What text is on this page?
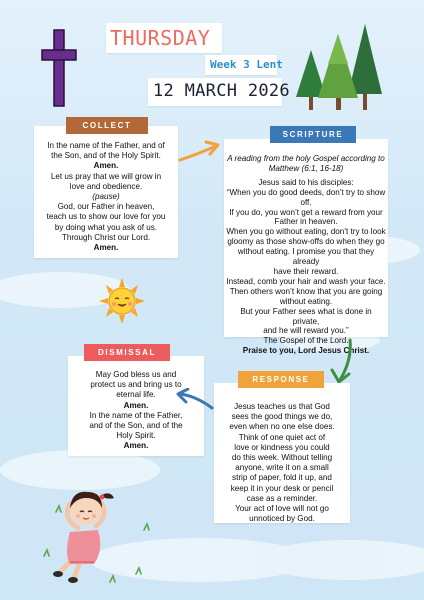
THURSDAY
Week 3 Lent
12 MARCH 2026
COLLECT
In the name of the Father, and of
the Son, and of the Holy Spirit.
Amen.
Let us pray that we will grow in
love and obedience.
(pause)
God, our Father in heaven,
teach us to show our love for you
by doing what you ask of us.
Through Christ our Lord.
Amen.
SCRIPTURE
A reading from the holy Gospel according to
Matthew (6:1, 16-18)

Jesus said to his disciples:
“When you do good deeds, don’t try to show off.
If you do, you won’t get a reward from your
Father in heaven.
When you go without eating, don’t try to look
gloomy as those show-offs do when they go
without eating. I promise you that they already
have their reward.
Instead, comb your hair and wash your face.
Then others won’t know that you are going
without eating.
But your Father sees what is done in private,
and he will reward you.”
The Gospel of the Lord.
Praise to you, Lord Jesus Christ.
DISMISSAL
May God bless us and
protect us and bring us to
eternal life.
Amen.
In the name of the Father,
and of the Son, and of the
Holy Spirit.
Amen.
RESPONSE
Jesus teaches us that God
sees the good things we do,
even when no one else does.
Think of one quiet act of
love or kindness you could
do this week. Without telling
anyone, write it on a small
strip of paper, fold it up, and
keep it in your desk or pencil
case as a reminder.
Your act of love will not go
unnoticed by God.
